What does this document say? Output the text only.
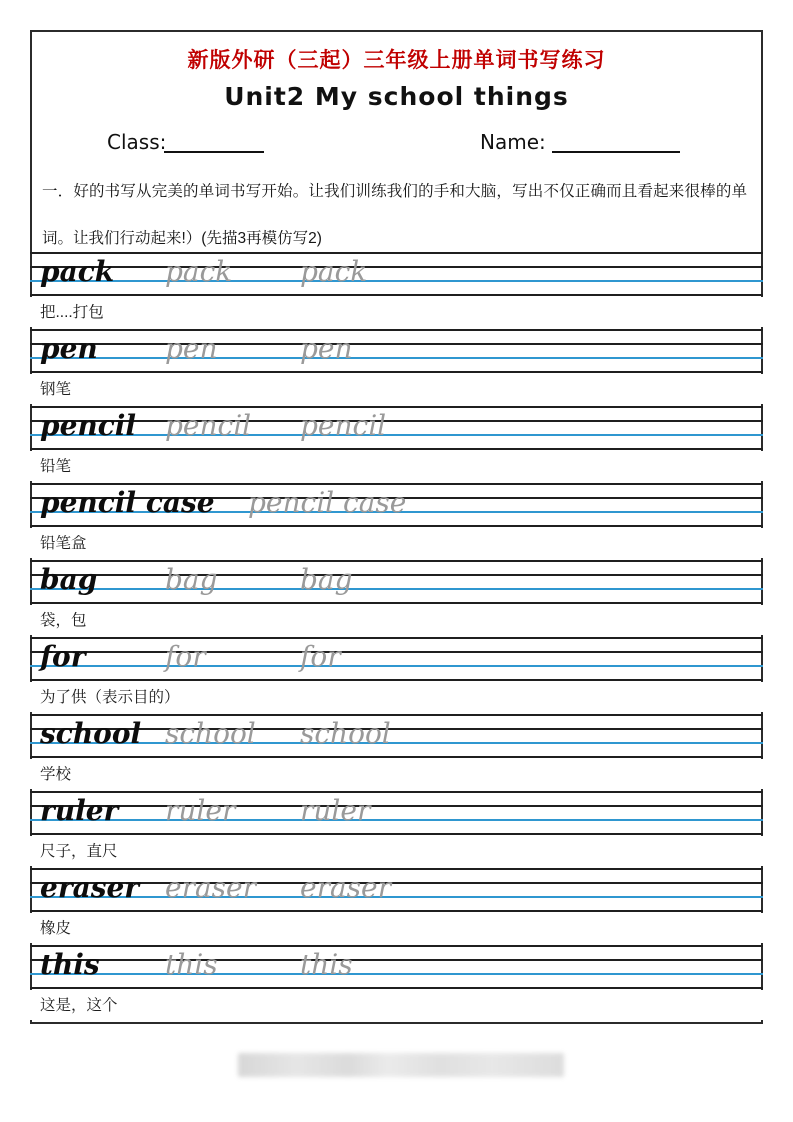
新版外研（三起）三年级上册单词书写练习
Unit2 My school things
Class:	Name:

一．好的书写从完美的单词书写开始。让我们训练我们的手和大脑，写出不仅正确而且看起来很棒的单词。让我们行动起来!）(先描3再模仿写2)

pack pack pack
把....打包
pen pen	pen
钢笔
pencil pencil pencil
铅笔
pencil case pencil case
铅笔盒
bag bag	bag
袋，包
for	for	for
为了供（表示目的）
school school school
学校
ruler ruler ruler
尺子，直尺
eraser eraser eraser
橡皮
this this	this
这是，这个
